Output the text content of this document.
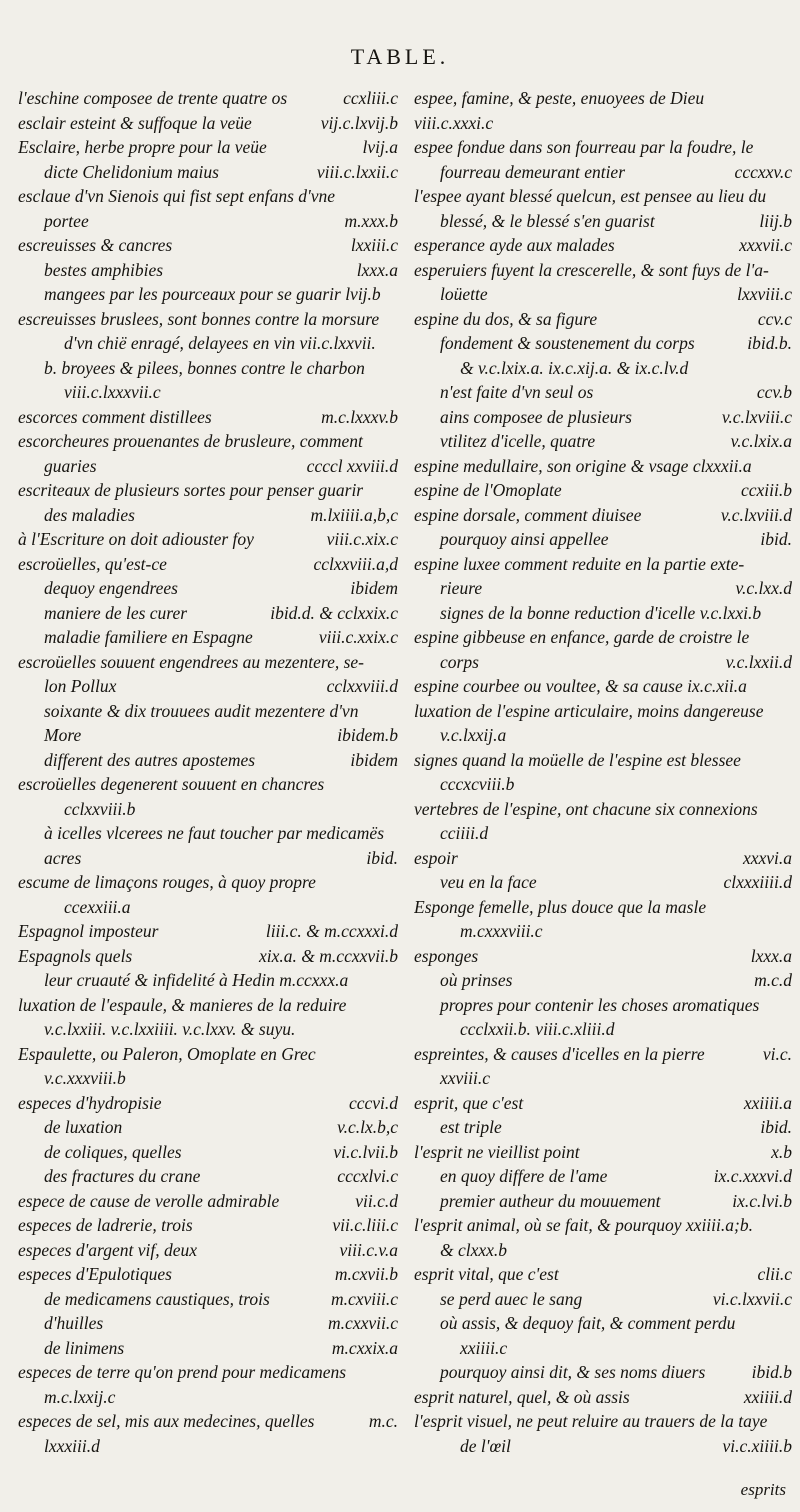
TABLE.
l'eschine composee de trente quatre os	ccxliii.c
esclair esteint & suffoque la veüe	vij.c.lxvij.b
Esclaire, herbe propre pour la veüe	lvij.a
dicte Chelidonium maius	viii.c.lxxii.c
esclaue d'vn Sienois qui fist sept enfans d'vne
portee	m.xxx.b
escreuisses & cancres	lxxiii.c
bestes amphibies	lxxx.a
mangees par les pourceaux pour se guarir lvij.b
escreuisses bruslees, sont bonnes contre la morsure
d'vn chië enragé, delayees en vin vii.c.lxxvii.
b. broyees & pilees, bonnes contre le charbon
viii.c.lxxxvii.c
escorces comment distillees	m.c.lxxxv.b
escorcheures prouenantes de brusleure, comment
guaries	ccccl xxviii.d
escriteaux de plusieurs sortes pour penser guarir
des maladies	m.lxiiii.a,b,c
à l'Escriture on doit adiouster foy	viii.c.xix.c
escroüelles, qu'est-ce	cclxxviii.a,d
dequoy engendrees	ibidem
maniere de les curer	ibid.d. & cclxxix.c
maladie familiere en Espagne	viii.c.xxix.c
escroüelles souuent engendrees au mezentere, se-
lon Pollux	cclxxviii.d
soixante & dix trouuees audit mezentere d'vn
More	ibidem.b
different des autres apostemes	ibidem
escroüelles degenerent souuent en chancres
cclxxviii.b
à icelles vlcerees ne faut toucher par medicamës
acres	ibid.
escume de limaçons rouges, à quoy propre
ccexxiii.a
Espagnol imposteur	liii.c. & m.ccxxxi.d
Espagnols quels	xix.a. & m.ccxxvii.b
leur cruauté & infidelité à Hedin m.ccxxx.a
luxation de l'espaule, & manieres de la reduire
v.c.lxxiii. v.c.lxxiiii. v.c.lxxv. & suyu.
Espaulette, ou Paleron, Omoplate en Grec
v.c.xxxviii.b
especes d'hydropisie	cccvi.d
de luxation	v.c.lx.b,c
de coliques, quelles	vi.c.lvii.b
des fractures du crane	cccxlvi.c
espece de cause de verolle admirable	vii.c.d
especes de ladrerie, trois	vii.c.liii.c
especes d'argent vif, deux	viii.c.v.a
especes d'Epulotiques	m.cxvii.b
de medicamens caustiques, trois	m.cxviii.c
d'huilles	m.cxxvii.c
de linimens	m.cxxix.a
especes de terre qu'on prend pour medicamens
m.c.lxxij.c
especes de sel, mis aux medecines, quelles	m.c.
lxxxiii.d
espee, famine, & peste, enuoyees de Dieu
viii.c.xxxi.c
espee fondue dans son fourreau par la foudre, le
fourreau demeurant entier	cccxxv.c
l'espee ayant blessé quelcun, est pensee au lieu du
blessé, & le blessé s'en guarist	liij.b
esperance ayde aux malades	xxxvii.c
esperuiers fuyent la crescerelle, & sont fuys de l'a-
loüette	lxxviii.c
espine du dos, & sa figure	ccv.c
fondement & soustenement du corps	ibid.b.
& v.c.lxix.a. ix.c.xij.a. & ix.c.lv.d
n'est faite d'vn seul os	ccv.b
ains composee de plusieurs	v.c.lxviii.c
vtilitez d'icelle, quatre	v.c.lxix.a
espine medullaire, son origine & vsage clxxxii.a
espine de l'Omoplate	ccxiii.b
espine dorsale, comment diuisee	v.c.lxviii.d
pourquoy ainsi appellee	ibid.
espine luxee comment reduite en la partie exte-
rieure	v.c.lxx.d
signes de la bonne reduction d'icelle v.c.lxxi.b
espine gibbeuse en enfance, garde de croistre le
corps	v.c.lxxii.d
espine courbee ou voultee, & sa cause ix.c.xii.a
luxation de l'espine articulaire, moins dangereuse
v.c.lxxij.a
signes quand la moüelle de l'espine est blessee
cccxcviii.b
vertebres de l'espine, ont chacune six connexions
cciiii.d
espoir	xxxvi.a
veu en la face	clxxxiiii.d
Esponge femelle, plus douce que la masle
m.cxxxviii.c
esponges	lxxx.a
où prinses	m.c.d
propres pour contenir les choses aromatiques
ccclxxii.b. viii.c.xliii.d
espreintes, & causes d'icelles en la pierre	vi.c.
xxviii.c
esprit, que c'est	xxiiii.a
est triple	ibid.
l'esprit ne vieillist point	x.b
en quoy differe de l'ame	ix.c.xxxvi.d
premier autheur du mouuement	ix.c.lvi.b
l'esprit animal, où se fait, & pourquoy xxiiii.a;b.
& clxxx.b
esprit vital, que c'est	clii.c
se perd auec le sang	vi.c.lxxvii.c
où assis, & dequoy fait, & comment perdu
xxiiii.c
pourquoy ainsi dit, & ses noms diuers	ibid.b
esprit naturel, quel, & où assis	xxiiii.d
l'esprit visuel, ne peut reluire au trauers de la taye
de l'œil	vi.c.xiiii.b
esprits
